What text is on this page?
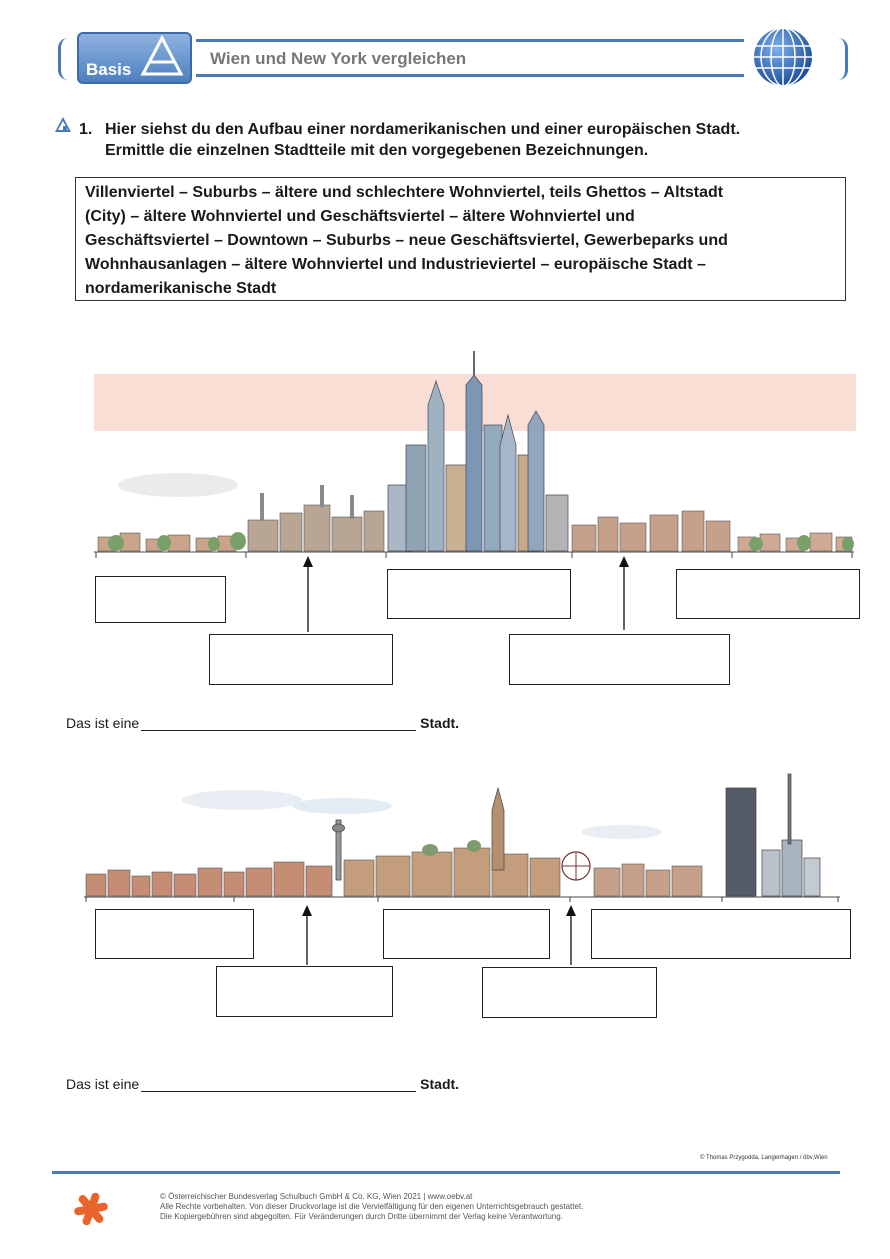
Basis
Wien und New York vergleichen
1. Hier siehst du den Aufbau einer nordamerikanischen und einer europäischen Stadt.
Ermittle die einzelnen Stadtteile mit den vorgegebenen Bezeichnungen.
Villenviertel – Suburbs – ältere und schlechtere Wohnviertel, teils Ghettos – Altstadt
(City) – ältere Wohnviertel und Geschäftsviertel – ältere Wohnviertel und
Geschäftsviertel – Downtown – Suburbs – neue Geschäftsviertel, Gewerbeparks und
Wohnhausanlagen – ältere Wohnviertel und Industrieviertel – europäische Stadt –
nordamerikanische Stadt
Das ist eine	Stadt.
Das ist eine	Stadt.
© Thomas Przygodda, Langenhagen / öbv,Wien
© Österreichischer Bundesverlag Schulbuch GmbH & Co. KG, Wien 2021 | www.oebv.at
Alle Rechte vorbehalten. Von dieser Druckvorlage ist die Vervielfältigung für den eigenen Unterrichtsgebrauch gestattet.
Die Kopiergebühren sind abgegolten. Für Veränderungen durch Dritte übernimmt der Verlag keine Verantwortung.
